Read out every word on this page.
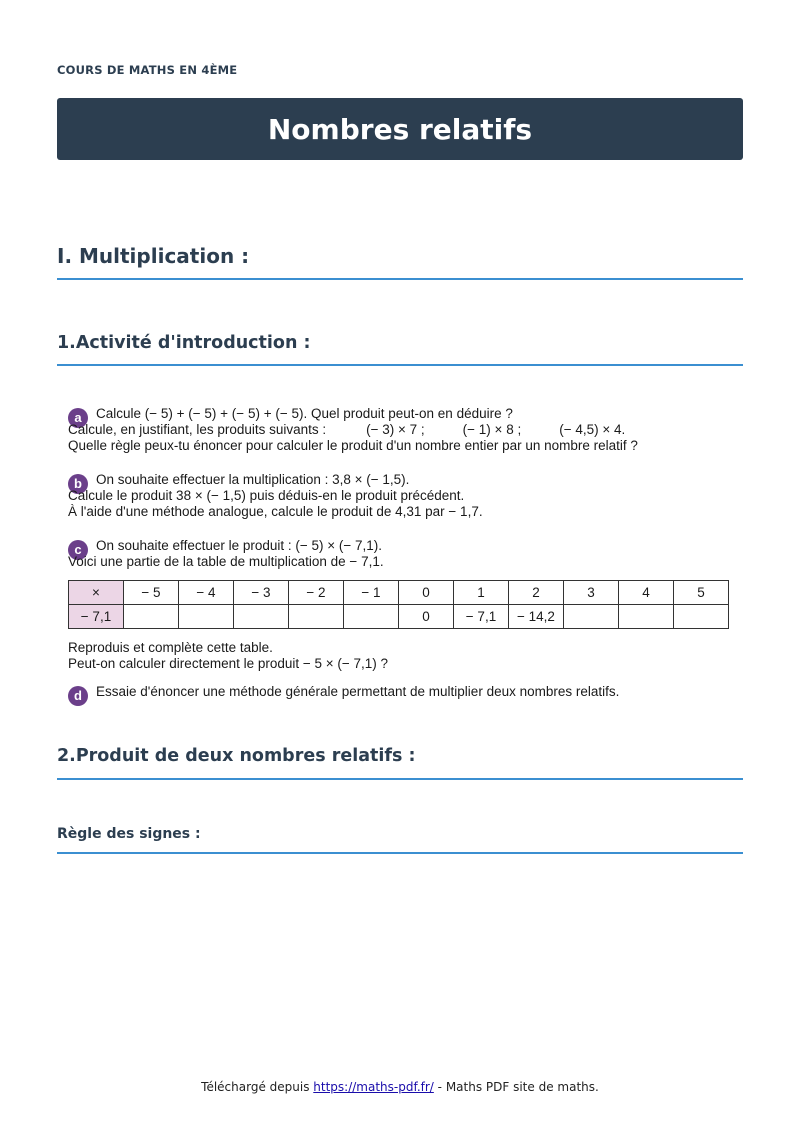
COURS DE MATHS EN 4ÈME
Nombres relatifs
I. Multiplication :
1.Activité d'introduction :
a Calcule (− 5) + (− 5) + (− 5) + (− 5). Quel produit peut-on en déduire ?
Calcule, en justifiant, les produits suivants :	(− 3) × 7 ;	(− 1) × 8 ;	(− 4,5) × 4.
Quelle règle peux-tu énoncer pour calculer le produit d'un nombre entier par un nombre relatif ?
b On souhaite effectuer la multiplication : 3,8 × (− 1,5).
Calcule le produit 38 × (− 1,5) puis déduis-en le produit précédent.
À l'aide d'une méthode analogue, calcule le produit de 4,31 par − 1,7.
c On souhaite effectuer le produit : (− 5) × (− 7,1).
Voici une partie de la table de multiplication de − 7,1.
×	− 5	− 4	− 3	− 2	− 1	0	1	2	3	4	5
− 7,1						0	− 7,1	− 14,2			
Reproduis et complète cette table.
Peut-on calculer directement le produit − 5 × (− 7,1) ?
d Essaie d'énoncer une méthode générale permettant de multiplier deux nombres relatifs.
2.Produit de deux nombres relatifs :
Règle des signes :
Téléchargé depuis https://maths-pdf.fr/ - Maths PDF site de maths.
